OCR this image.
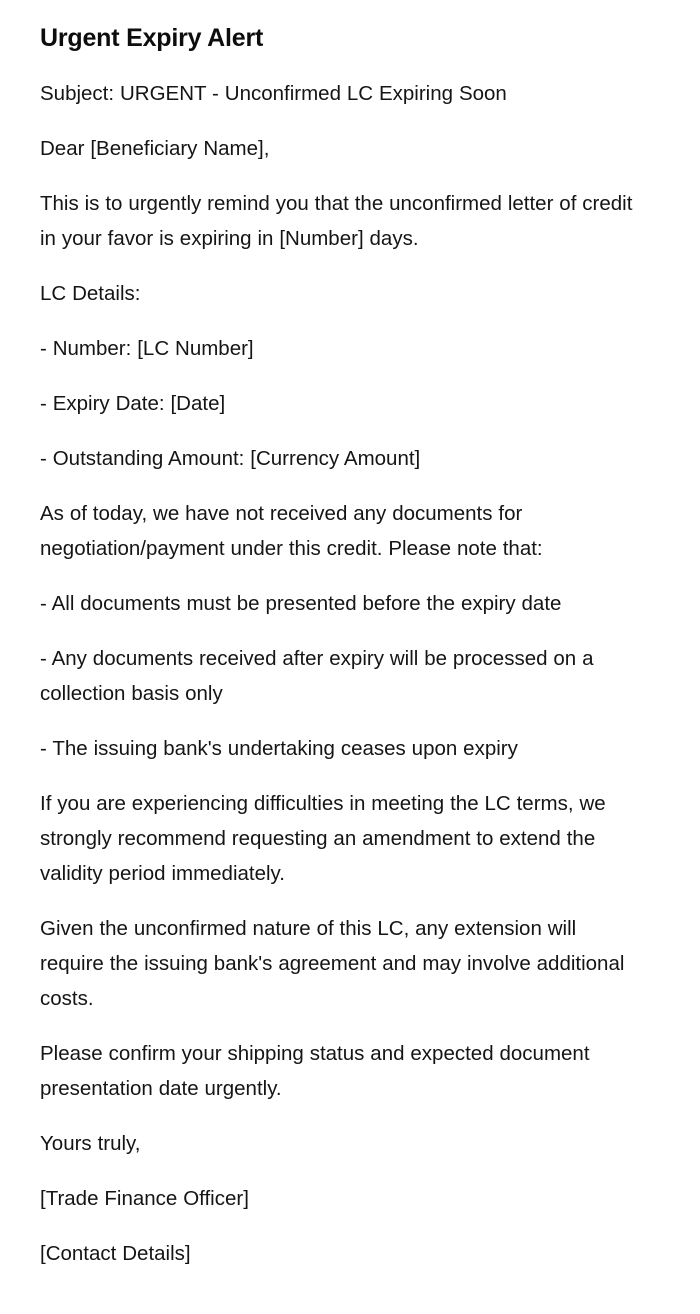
Urgent Expiry Alert

Subject: URGENT - Unconfirmed LC Expiring Soon

Dear [Beneficiary Name],

This is to urgently remind you that the unconfirmed letter of credit in your favor is expiring in [Number] days.

LC Details:

- Number: [LC Number]

- Expiry Date: [Date]

- Outstanding Amount: [Currency Amount]

As of today, we have not received any documents for negotiation/payment under this credit. Please note that:

- All documents must be presented before the expiry date

- Any documents received after expiry will be processed on a collection basis only

- The issuing bank's undertaking ceases upon expiry

If you are experiencing difficulties in meeting the LC terms, we strongly recommend requesting an amendment to extend the validity period immediately.

Given the unconfirmed nature of this LC, any extension will require the issuing bank's agreement and may involve additional costs.

Please confirm your shipping status and expected document presentation date urgently.

Yours truly,

[Trade Finance Officer]

[Contact Details]
